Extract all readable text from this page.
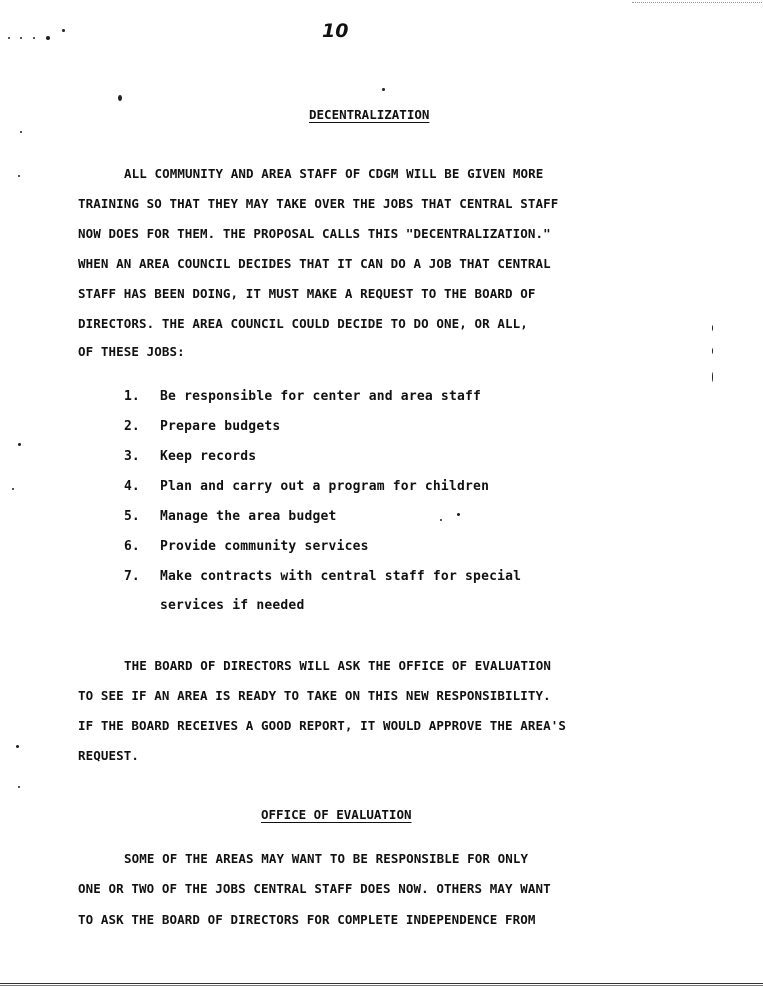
10
DECENTRALIZATION
ALL COMMUNITY AND AREA STAFF OF CDGM WILL BE GIVEN MORE
TRAINING SO THAT THEY MAY TAKE OVER THE JOBS THAT CENTRAL STAFF
NOW DOES FOR THEM. THE PROPOSAL CALLS THIS "DECENTRALIZATION."
WHEN AN AREA COUNCIL DECIDES THAT IT CAN DO A JOB THAT CENTRAL
STAFF HAS BEEN DOING, IT MUST MAKE A REQUEST TO THE BOARD OF
DIRECTORS. THE AREA COUNCIL COULD DECIDE TO DO ONE, OR ALL,
OF THESE JOBS:
1. Be responsible for center and area staff
2. Prepare budgets
3. Keep records
4. Plan and carry out a program for children
5. Manage the area budget
6. Provide community services
7. Make contracts with central staff for special
services if needed
THE BOARD OF DIRECTORS WILL ASK THE OFFICE OF EVALUATION
TO SEE IF AN AREA IS READY TO TAKE ON THIS NEW RESPONSIBILITY.
IF THE BOARD RECEIVES A GOOD REPORT, IT WOULD APPROVE THE AREA'S
REQUEST.
OFFICE OF EVALUATION
SOME OF THE AREAS MAY WANT TO BE RESPONSIBLE FOR ONLY
ONE OR TWO OF THE JOBS CENTRAL STAFF DOES NOW. OTHERS MAY WANT
TO ASK THE BOARD OF DIRECTORS FOR COMPLETE INDEPENDENCE FROM
